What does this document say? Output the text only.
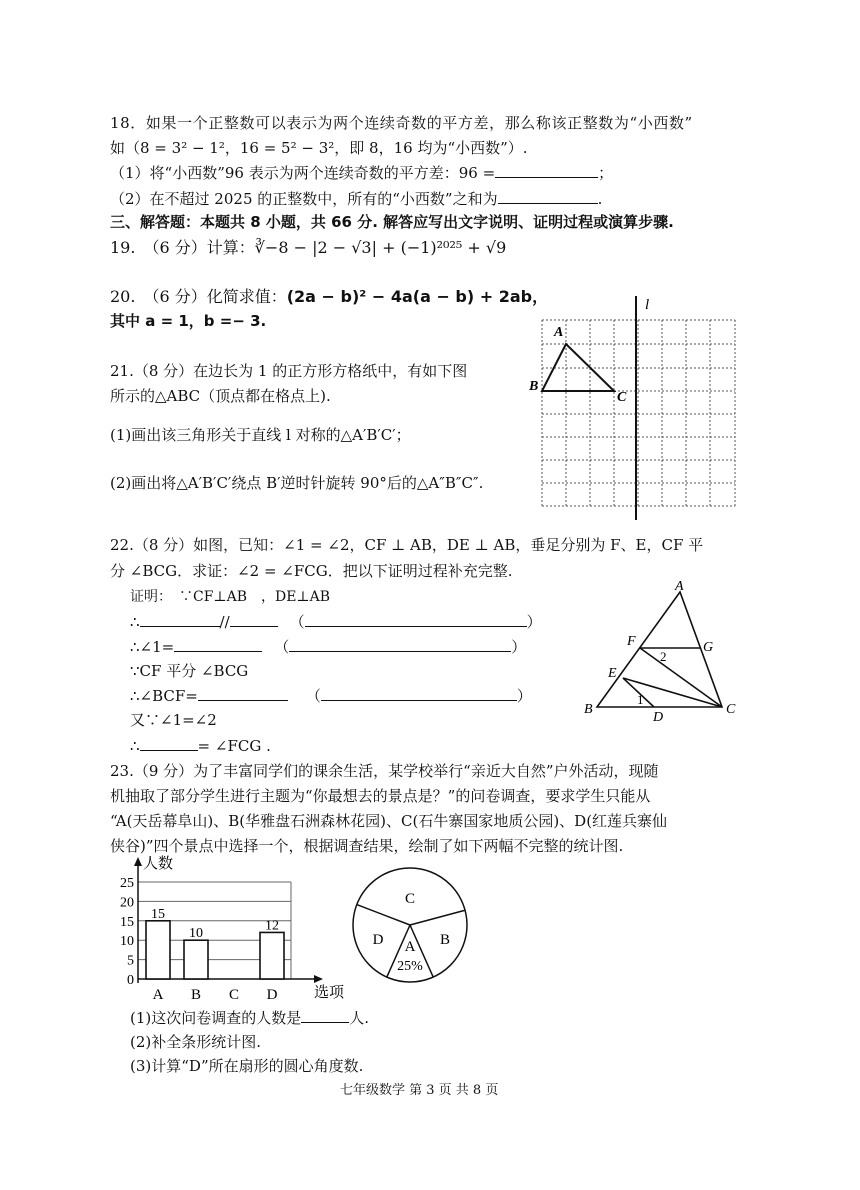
18．如果一个正整数可以表示为两个连续奇数的平方差，那么称该正整数为“小西数”
如（8 = 3² − 1²，16 = 5² − 3²，即 8，16 均为“小西数”）.
（1）将“小西数”96 表示为两个连续奇数的平方差：96 =	；
（2）在不超过 2025 的正整数中，所有的“小西数”之和为	.
三、解答题：本题共 8 小题，共 66 分. 解答应写出文字说明、证明过程或演算步骤.
19.　（6 分）计算：∛−8 − |2 − √3| + (−1)²⁰²⁵ + √9
20.　（6 分）化简求值：(2a − b)² − 4a(a − b) + 2ab，
其中 a = 1，b =− 3.
21.（8 分）在边长为 1 的正方形方格纸中，有如下图
所示的△ABC（顶点都在格点上).
(1)画出该三角形关于直线 l 对称的△A′B′C′；
(2)画出将△A′B′C′绕点 B′逆时针旋转 90°后的△A″B″C″.
l
A
B
C
22.（8 分）如图，已知：∠1 = ∠2，CF ⊥ AB，DE ⊥ AB，垂足分别为 F、E，CF 平
分 ∠BCG．求证：∠2 = ∠FCG．把以下证明过程补充完整.
证明：　∵CF⊥AB　，DE⊥AB
∴	//	（	）
∴∠1=	（	）
∵CF 平分 ∠BCG
∴∠BCF=	（	）
又∵∠1=∠2
∴	= ∠FCG .
A
F	G
2
E
1
B
D
C
23.（9 分）为了丰富同学们的课余生活，某学校举行“亲近大自然”户外活动，现随
机抽取了部分学生进行主题为“你最想去的景点是？”的问卷调查，要求学生只能从
“A(天岳幕阜山)、B(华雅盘石洲森林花园)、C(石牛寨国家地质公园)、D(红莲兵寨仙
侠谷)”四个景点中选择一个，根据调查结果，绘制了如下两幅不完整的统计图.
0
5
10
15
20
25
人数
选项
A
15
B
10
C D
12
C
B
A
D
25%
(1)这次问卷调查的人数是	人.
(2)补全条形统计图.
(3)计算“D”所在扇形的圆心角度数.
七年级数学 第 3 页 共 8 页
